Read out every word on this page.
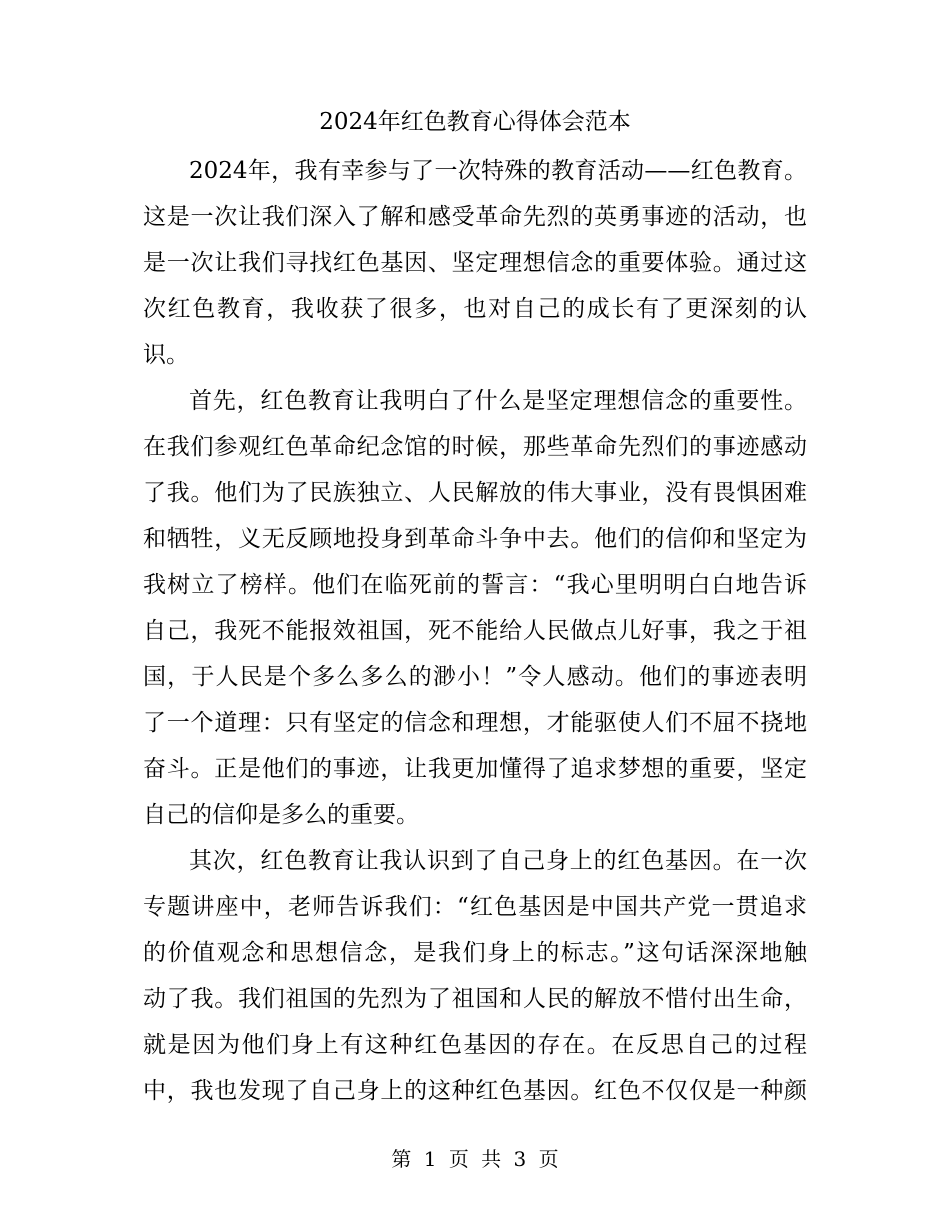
2024年红色教育心得体会范本
2024年，我有幸参与了一次特殊的教育活动——红色教育。
这是一次让我们深入了解和感受革命先烈的英勇事迹的活动，也
是一次让我们寻找红色基因、坚定理想信念的重要体验。通过这
次红色教育，我收获了很多，也对自己的成长有了更深刻的认
识。
首先，红色教育让我明白了什么是坚定理想信念的重要性。
在我们参观红色革命纪念馆的时候，那些革命先烈们的事迹感动
了我。他们为了民族独立、人民解放的伟大事业，没有畏惧困难
和牺牲，义无反顾地投身到革命斗争中去。他们的信仰和坚定为
我树立了榜样。他们在临死前的誓言：“我心里明明白白地告诉
自己，我死不能报效祖国，死不能给人民做点儿好事，我之于祖
国，于人民是个多么多么的渺小！”令人感动。他们的事迹表明
了一个道理：只有坚定的信念和理想，才能驱使人们不屈不挠地
奋斗。正是他们的事迹，让我更加懂得了追求梦想的重要，坚定
自己的信仰是多么的重要。
其次，红色教育让我认识到了自己身上的红色基因。在一次
专题讲座中，老师告诉我们：“红色基因是中国共产党一贯追求
的价值观念和思想信念，是我们身上的标志。”这句话深深地触
动了我。我们祖国的先烈为了祖国和人民的解放不惜付出生命，
就是因为他们身上有这种红色基因的存在。在反思自己的过程
中，我也发现了自己身上的这种红色基因。红色不仅仅是一种颜
第 1 页 共 3 页
